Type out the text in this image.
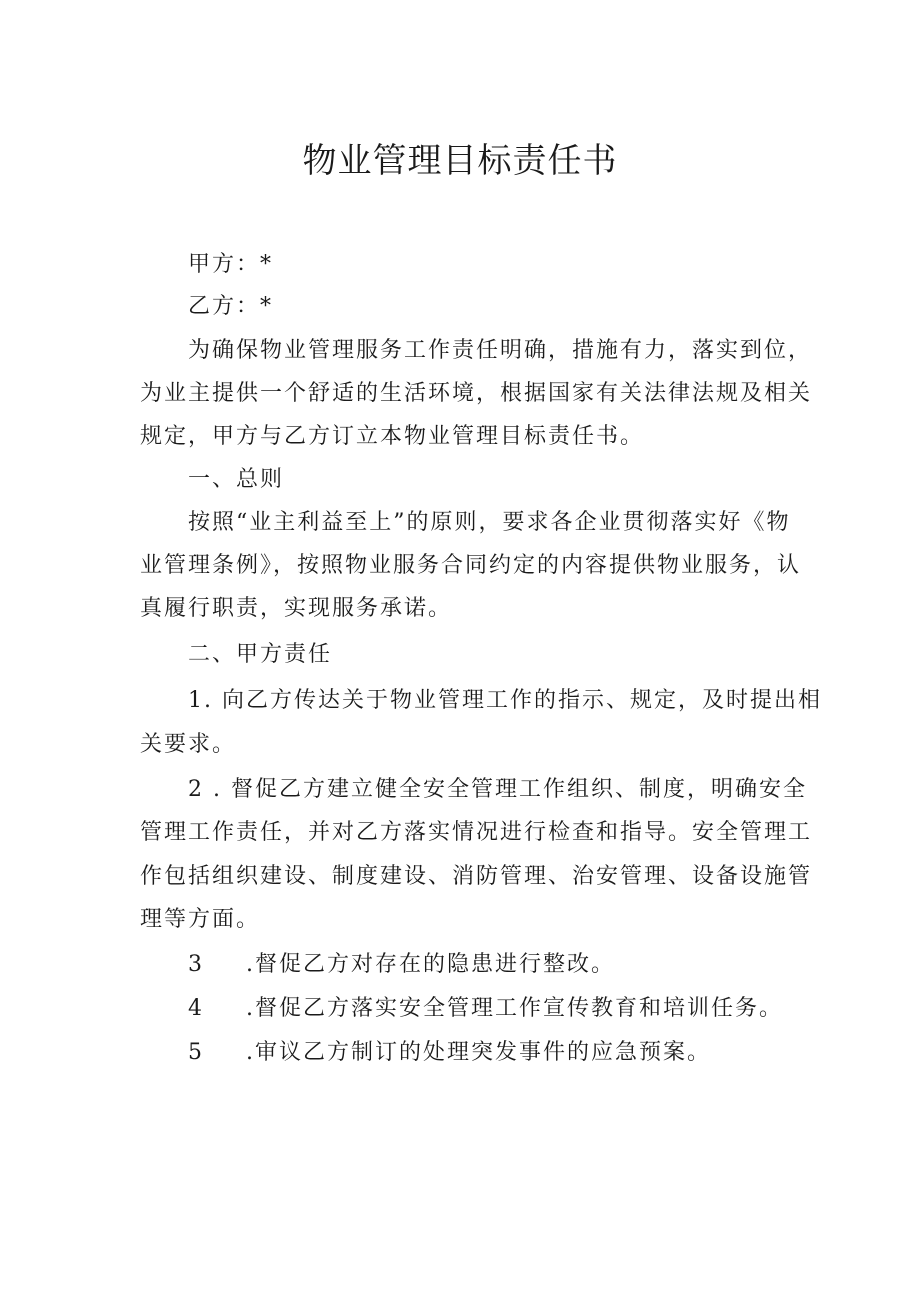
物业管理目标责任书
甲方：*
乙方：*
为确保物业管理服务工作责任明确，措施有力，落实到位，
为业主提供一个舒适的生活环境，根据国家有关法律法规及相关
规定，甲方与乙方订立本物业管理目标责任书。
一、总则
按照“业主利益至上”的原则，要求各企业贯彻落实好《物
业管理条例》，按照物业服务合同约定的内容提供物业服务，认
真履行职责，实现服务承诺。
二、甲方责任
1. 向乙方传达关于物业管理工作的指示、规定，及时提出相
关要求。
2 . 督促乙方建立健全安全管理工作组织、制度，明确安全
管理工作责任，并对乙方落实情况进行检查和指导。安全管理工
作包括组织建设、制度建设、消防管理、治安管理、设备设施管
理等方面。
3 .督促乙方对存在的隐患进行整改。
4 .督促乙方落实安全管理工作宣传教育和培训任务。
5 .审议乙方制订的处理突发事件的应急预案。
